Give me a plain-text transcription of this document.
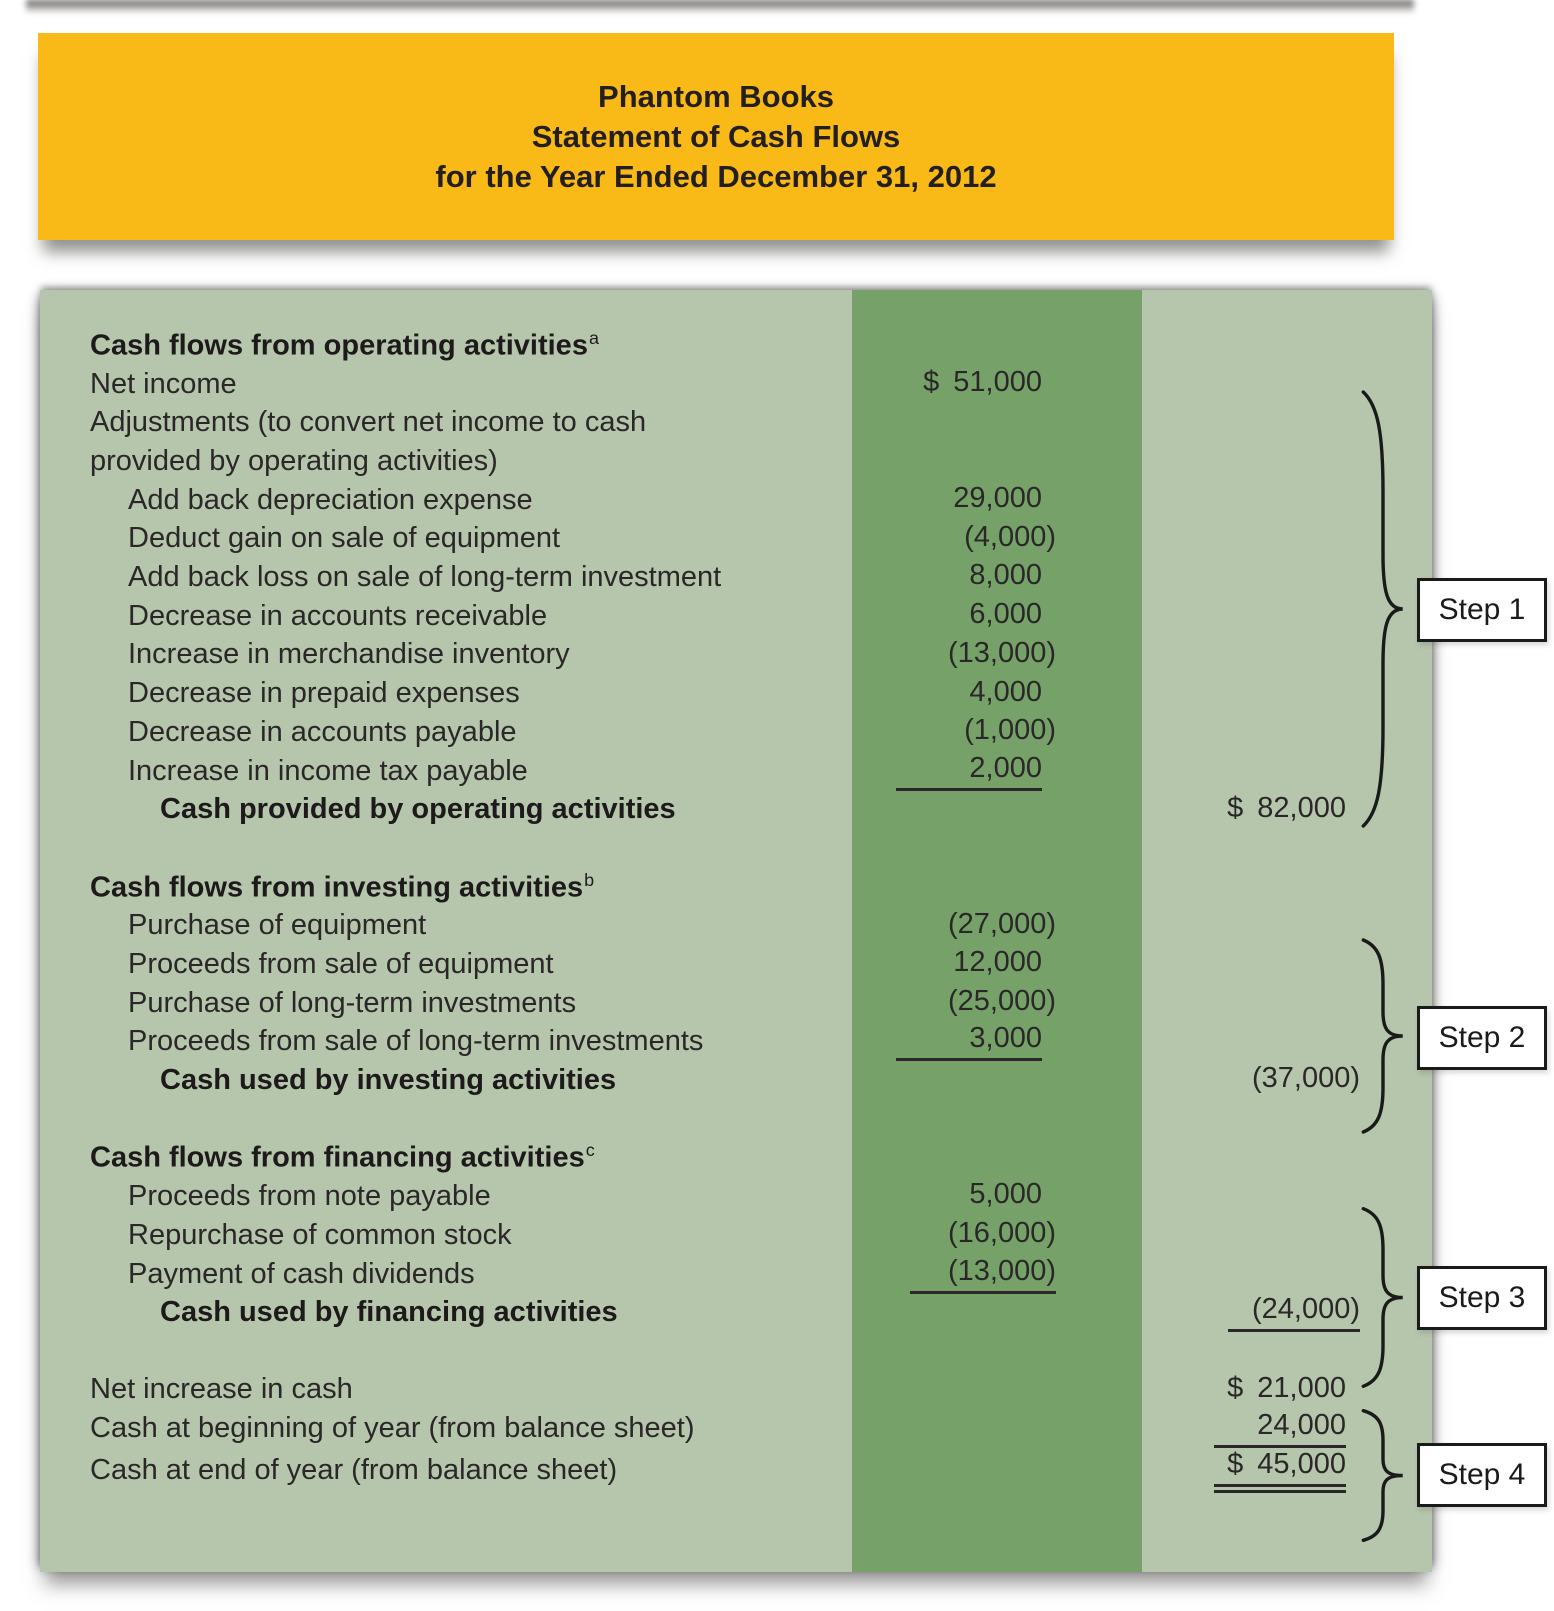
Phantom Books
Statement of Cash Flows
for the Year Ended December 31, 2012
Cash flows from operating activities$^a$
Net income	$ 51,000
Adjustments (to convert net income to cash
provided by operating activities)
Add back depreciation expense	29,000
Deduct gain on sale of equipment	(4,000)
Add back loss on sale of long-term investment	8,000
Decrease in accounts receivable	6,000
Increase in merchandise inventory	(13,000)
Decrease in prepaid expenses	4,000
Decrease in accounts payable	(1,000)
Increase in income tax payable	2,000
Cash provided by operating activities	$ 82,000
Cash flows from investing activities$^b$
Purchase of equipment	(27,000)
Proceeds from sale of equipment	12,000
Purchase of long-term investments	(25,000)
Proceeds from sale of long-term investments	3,000
Cash used by investing activities	(37,000)
Cash flows from financing activities$^c$
Proceeds from note payable	5,000
Repurchase of common stock	(16,000)
Payment of cash dividends	(13,000)
Cash used by financing activities	(24,000)
Net increase in cash	$ 21,000
Cash at beginning of year (from balance sheet)	24,000
Cash at end of year (from balance sheet)	$ 45,000
Step 1
Step 2
Step 3
Step 4
